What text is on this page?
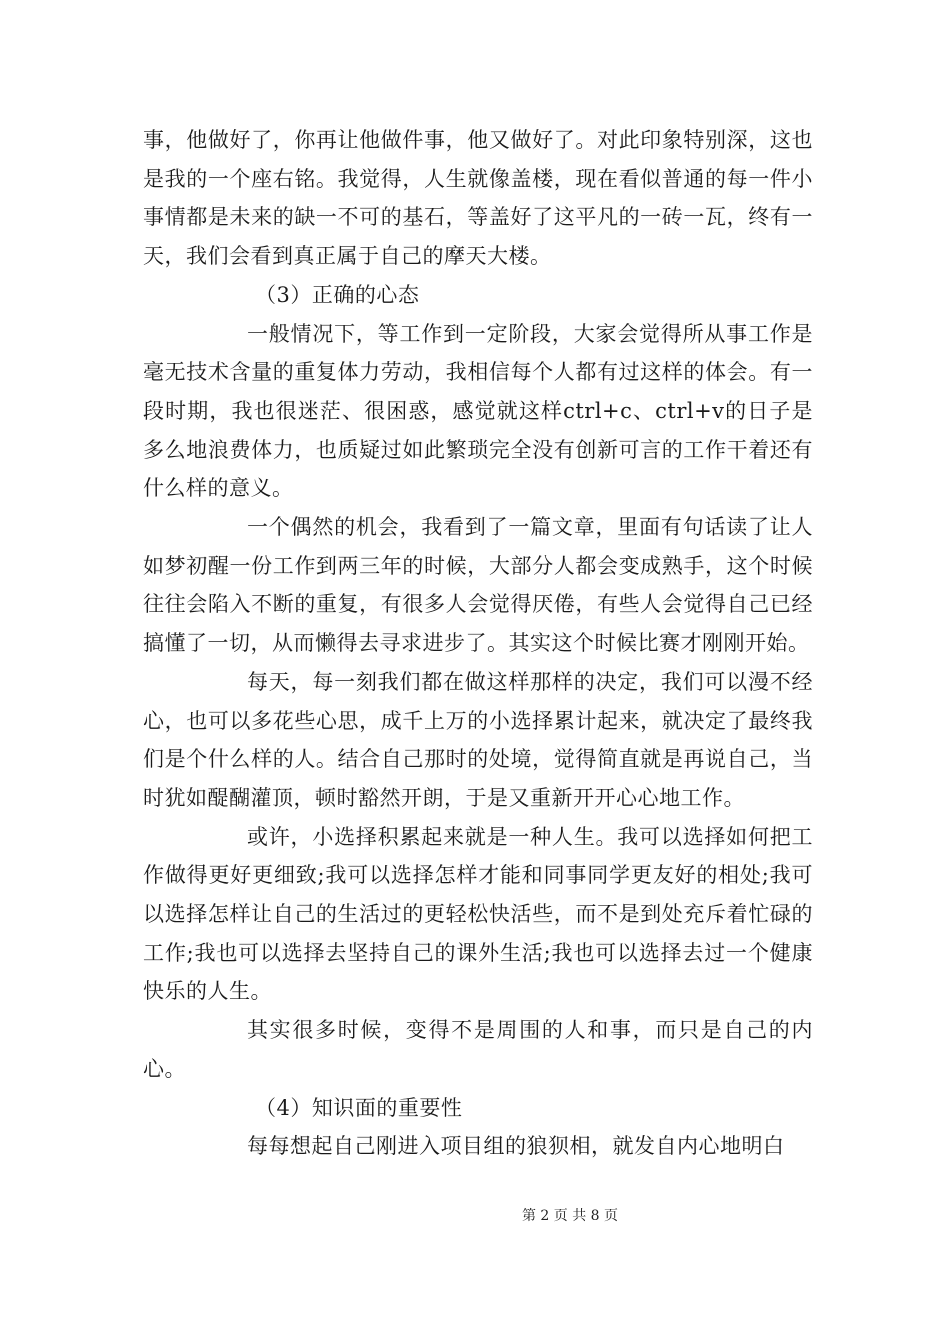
事，他做好了，你再让他做件事，他又做好了。对此印象特别深，这也是我的一个座右铭。我觉得，人生就像盖楼，现在看似普通的每一件小事情都是未来的缺一不可的基石，等盖好了这平凡的一砖一瓦，终有一天，我们会看到真正属于自己的摩天大楼。

（3）正确的心态

一般情况下，等工作到一定阶段，大家会觉得所从事工作是毫无技术含量的重复体力劳动，我相信每个人都有过这样的体会。有一段时期，我也很迷茫、很困惑，感觉就这样ctrl+c、ctrl+v的日子是多么地浪费体力，也质疑过如此繁琐完全没有创新可言的工作干着还有什么样的意义。

一个偶然的机会，我看到了一篇文章，里面有句话读了让人如梦初醒一份工作到两三年的时候，大部分人都会变成熟手，这个时候往往会陷入不断的重复，有很多人会觉得厌倦，有些人会觉得自己已经搞懂了一切，从而懒得去寻求进步了。其实这个时候比赛才刚刚开始。

每天，每一刻我们都在做这样那样的决定，我们可以漫不经心，也可以多花些心思，成千上万的小选择累计起来，就决定了最终我们是个什么样的人。结合自己那时的处境，觉得简直就是再说自己，当时犹如醍醐灌顶，顿时豁然开朗，于是又重新开开心心地工作。

或许，小选择积累起来就是一种人生。我可以选择如何把工作做得更好更细致;我可以选择怎样才能和同事同学更友好的相处;我可以选择怎样让自己的生活过的更轻松快活些，而不是到处充斥着忙碌的工作;我也可以选择去坚持自己的课外生活;我也可以选择去过一个健康快乐的人生。

其实很多时候，变得不是周围的人和事，而只是自己的内心。

（4）知识面的重要性

每每想起自己刚进入项目组的狼狈相，就发自内心地明白

第 2 页 共 8 页
